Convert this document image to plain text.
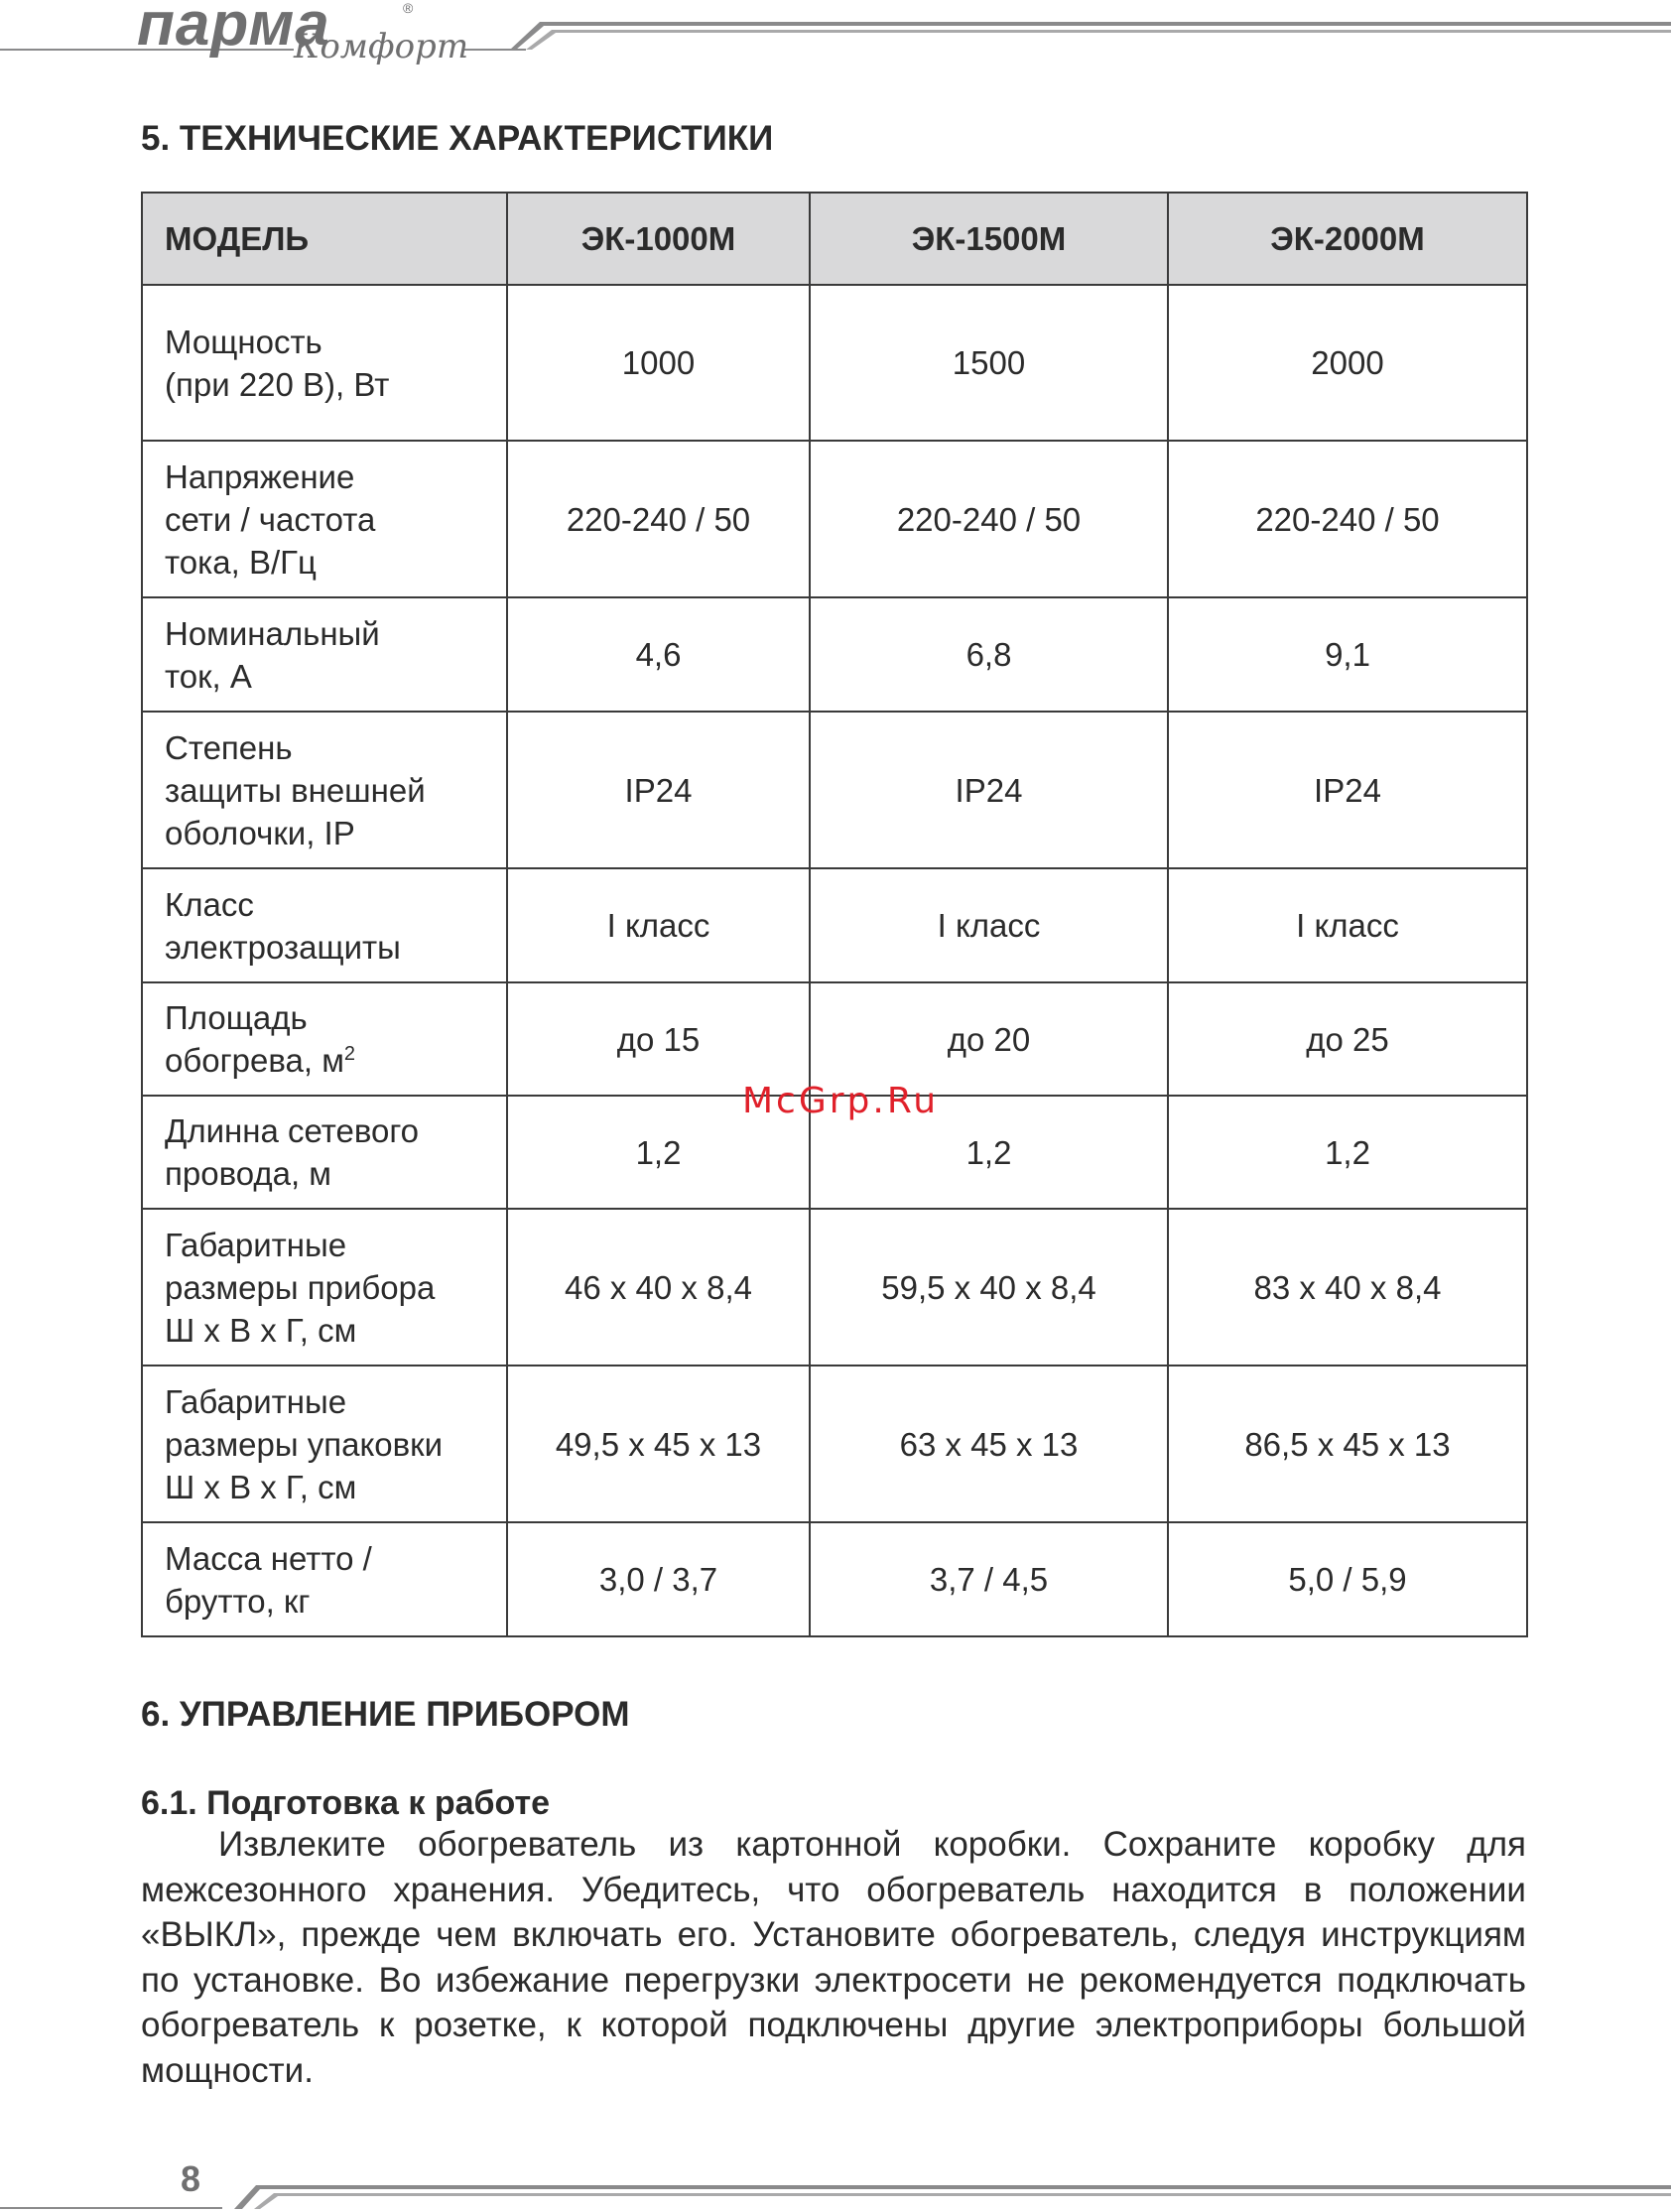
парма	®
Комфорт
5. ТЕХНИЧЕСКИЕ ХАРАКТЕРИСТИКИ
МОДЕЛЬ	ЭК-1000М	ЭК-1500М	ЭК-2000М
Мощность
(при 220 В), Вт	1000	1500	2000
Напряжение
сети / частота
тока, В/Гц	220-240 / 50	220-240 / 50	220-240 / 50
Номинальный
ток, А	4,6	6,8	9,1
Степень
защиты внешней
оболочки, IP	IP24	IP24	IP24
Класс
электрозащиты	I класс	I класс	I класс
Площадь
обогрева, $м^2$	до 15	до 20	до 25
Длинна сетевого
провода, м	1,2	1,2	1,2
Габаритные
размеры прибора
Ш х В х Г, см	46 х 40 х 8,4	59,5 х 40 х 8,4	83 х 40 х 8,4
Габаритные
размеры упаковки
Ш х В х Г, см	49,5 х 45 х 13	63 х 45 х 13	86,5 х 45 х 13
Масса нетто /
брутто, кг	3,0 / 3,7	3,7 / 4,5	5,0 / 5,9
McGrp.Ru
6. УПРАВЛЕНИЕ ПРИБОРОМ
6.1. Подготовка к работе

Извлеките обогреватель из картонной коробки. Сохраните коробку для межсезонного хранения. Убедитесь, что обогреватель находится в положении «ВЫКЛ», прежде чем включать его. Установите обогреватель, следуя инструкциям по установке. Во избежание перегрузки электросети не рекомендуется подключать обогреватель к розетке, к которой подключены другие электроприборы большой мощности.

8
